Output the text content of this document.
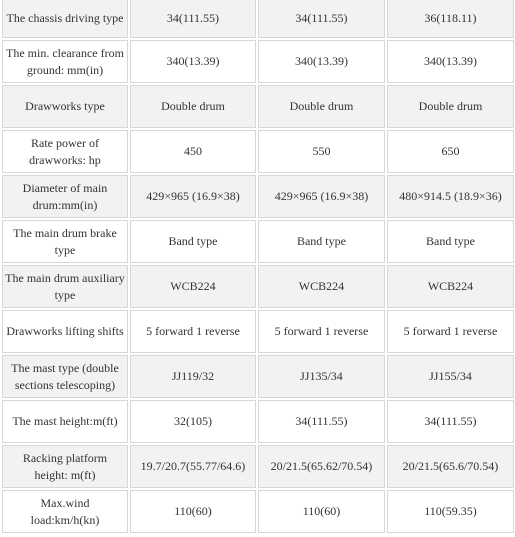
The chassis driving type	34(111.55)	34(111.55)	36(118.11)
The min. clearance from ground: mm(in)	340(13.39)	340(13.39)	340(13.39)
Drawworks type	Double drum	Double drum	Double drum
Rate power of drawworks: hp	450	550	650
Diameter of main drum:mm(in)	429×965 (16.9×38)	429×965 (16.9×38)	480×914.5 (18.9×36)
The main drum brake type	Band type	Band type	Band type
The main drum auxiliary type	WCB224	WCB224	WCB224
Drawworks lifting shifts	5 forward 1 reverse	5 forward 1 reverse	5 forward 1 reverse
The mast type (double sections telescoping)	JJ119/32	JJ135/34	JJ155/34
The mast height:m(ft)	32(105)	34(111.55)	34(111.55)
Racking platform height: m(ft)	19.7/20.7(55.77/64.6)	20/21.5(65.62/70.54)	20/21.5(65.6/70.54)
Max.wind load:km/h(kn)	110(60)	110(60)	110(59.35)
